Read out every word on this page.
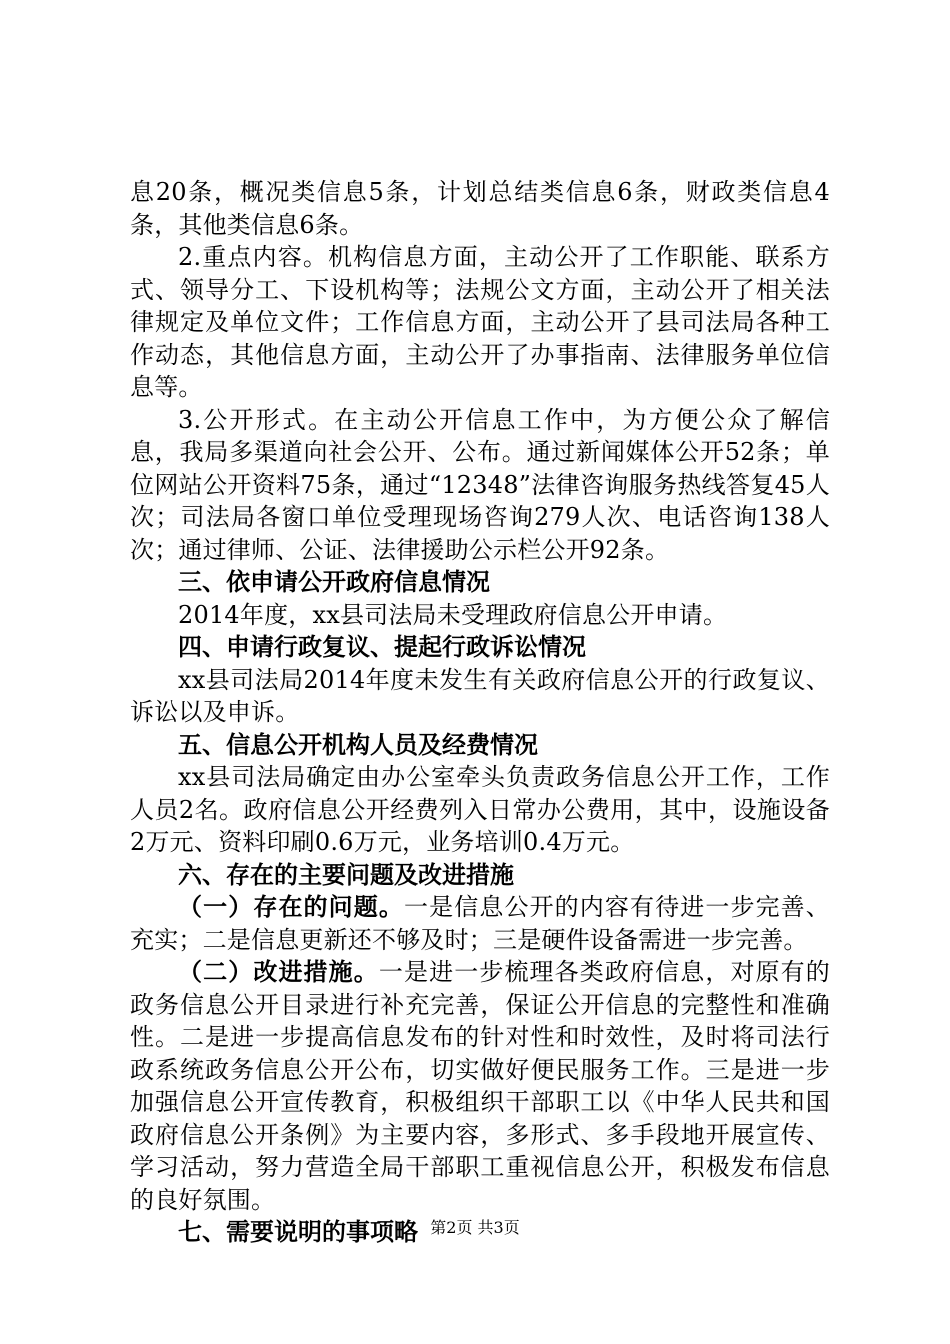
息20条，概况类信息5条，计划总结类信息6条，财政类信息4条，其他类信息6条。

2.重点内容。机构信息方面，主动公开了工作职能、联系方式、领导分工、下设机构等；法规公文方面，主动公开了相关法律规定及单位文件；工作信息方面，主动公开了县司法局各种工作动态，其他信息方面，主动公开了办事指南、法律服务单位信息等。

3.公开形式。在主动公开信息工作中，为方便公众了解信息，我局多渠道向社会公开、公布。通过新闻媒体公开52条；单位网站公开资料75条，通过“12348”法律咨询服务热线答复45人次；司法局各窗口单位受理现场咨询279人次、电话咨询138人次；通过律师、公证、法律援助公示栏公开92条。

三、依申请公开政府信息情况

2014年度，xx县司法局未受理政府信息公开申请。

四、申请行政复议、提起行政诉讼情况

xx县司法局2014年度未发生有关政府信息公开的行政复议、诉讼以及申诉。

五、信息公开机构人员及经费情况

xx县司法局确定由办公室牵头负责政务信息公开工作，工作人员2名。政府信息公开经费列入日常办公费用，其中，设施设备2万元、资料印刷0.6万元，业务培训0.4万元。

六、存在的主要问题及改进措施

（一）存在的问题。一是信息公开的内容有待进一步完善、充实；二是信息更新还不够及时；三是硬件设备需进一步完善。

（二）改进措施。一是进一步梳理各类政府信息，对原有的政务信息公开目录进行补充完善，保证公开信息的完整性和准确性。二是进一步提高信息发布的针对性和时效性，及时将司法行政系统政务信息公开公布，切实做好便民服务工作。三是进一步加强信息公开宣传教育，积极组织干部职工以《中华人民共和国政府信息公开条例》为主要内容，多形式、多手段地开展宣传、学习活动，努力营造全局干部职工重视信息公开，积极发布信息的良好氛围。

七、需要说明的事项略 第2页 共3页
